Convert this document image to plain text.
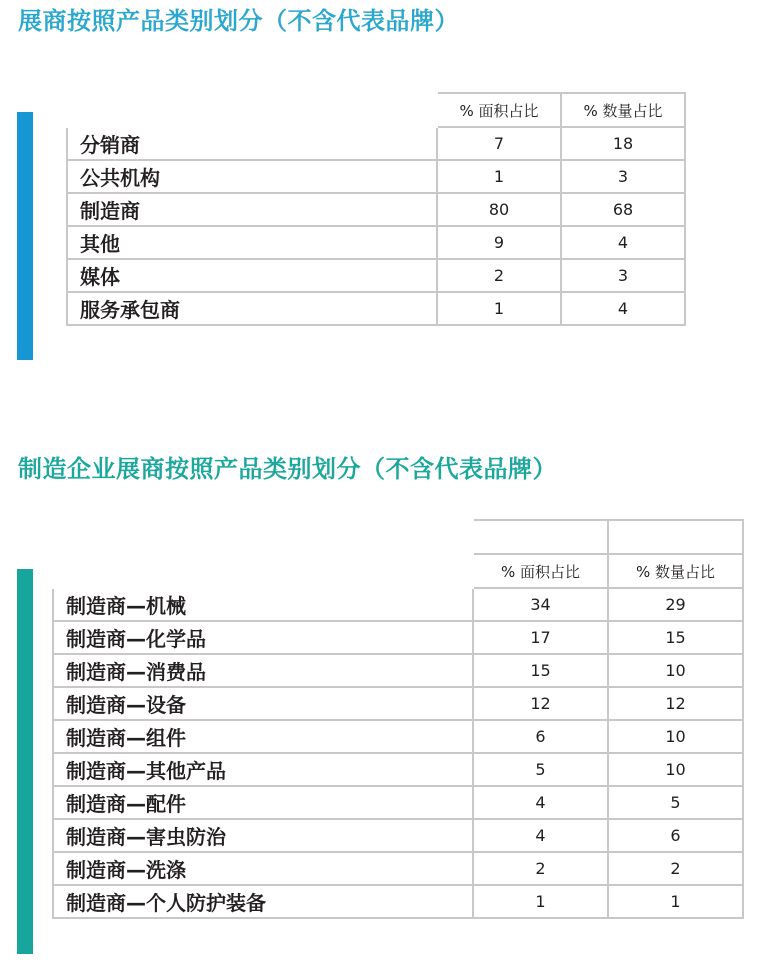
展商按照产品类别划分（不含代表品牌）
	% 面积占比	% 数量占比
分销商	7	18
公共机构	1	3
制造商	80	68
其他	9	4
媒体	2	3
服务承包商	1	4
制造企业展商按照产品类别划分（不含代表品牌）

	% 面积占比	% 数量占比
制造商—机械	34	29
制造商—化学品	17	15
制造商—消费品	15	10
制造商—设备	12	12
制造商—组件	6	10
制造商—其他产品	5	10
制造商—配件	4	5
制造商—害虫防治	4	6
制造商—洗涤	2	2
制造商—个人防护装备	1	1
